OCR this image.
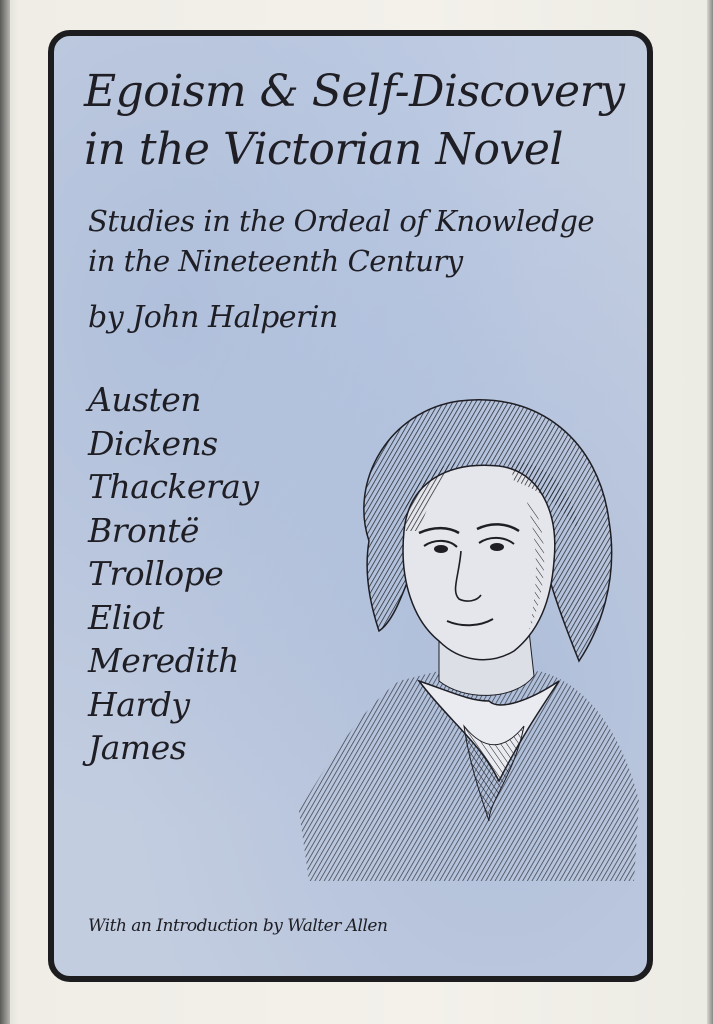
Egoism & Self-Discovery
in the Victorian Novel
Studies in the Ordeal of Knowledge
in the Nineteenth Century
by John Halperin
Austen
Dickens
Thackeray
Brontë
Trollope
Eliot
Meredith
Hardy
James
With an Introduction by Walter Allen
